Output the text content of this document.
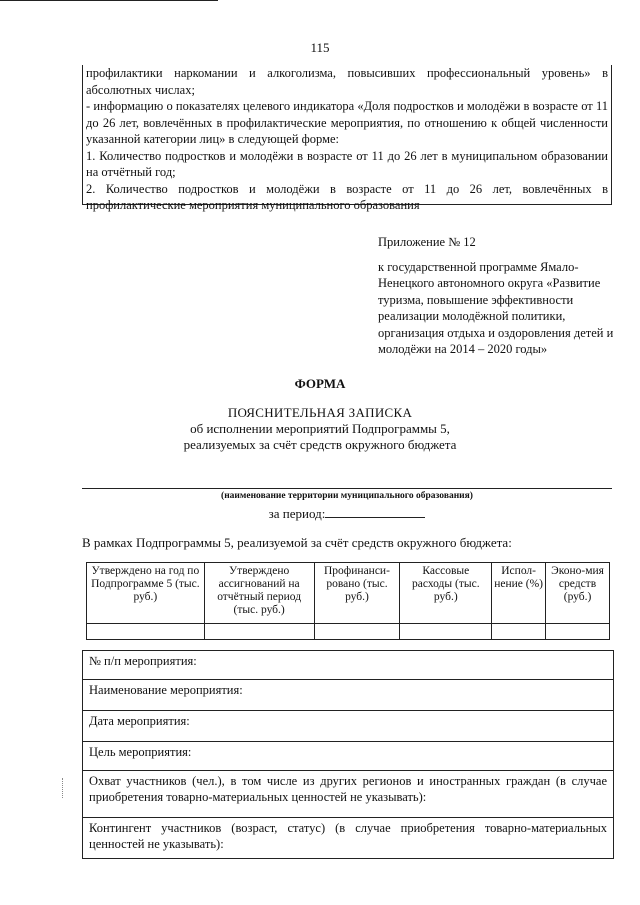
115
профилактики наркомании и алкоголизма, повысивших профессиональный уровень» в абсолютных числах;
- информацию о показателях целевого индикатора «Доля подростков и молодёжи в возрасте от 11 до 26 лет, вовлечённых в профилактические мероприятия, по отношению к общей численности указанной категории лиц» в следующей форме:
1. Количество подростков и молодёжи в возрасте от 11 до 26 лет в муниципальном образовании на отчётный год;
2. Количество подростков и молодёжи в возрасте от 11 до 26 лет, вовлечённых в профилактические мероприятия муниципального образования
Приложение № 12
к государственной программе Ямало-Ненецкого автономного округа «Развитие туризма, повышение эффективности реализации молодёжной политики, организация отдыха и оздоровления детей и молодёжи на 2014 – 2020 годы»
ФОРМА
ПОЯСНИТЕЛЬНАЯ ЗАПИСКА
об исполнении мероприятий Подпрограммы 5,
реализуемых за счёт средств окружного бюджета
(наименование территории муниципального образования)
за период:
В рамках Подпрограммы 5, реализуемой за счёт средств окружного бюджета:
Утверждено на год по Подпрограмме 5 (тыс. руб.)	Утверждено ассигнований на отчётный период (тыс. руб.)	Профинанси-ровано (тыс. руб.)	Кассовые расходы (тыс. руб.)	Испол-нение (%)	Эконо-мия средств (руб.)

№ п/п мероприятия:
Наименование мероприятия:
Дата мероприятия:
Цель мероприятия:
Охват участников (чел.), в том числе из других регионов и иностранных граждан (в случае приобретения товарно-материальных ценностей не указывать):
Контингент участников (возраст, статус) (в случае приобретения товарно-материальных ценностей не указывать):
